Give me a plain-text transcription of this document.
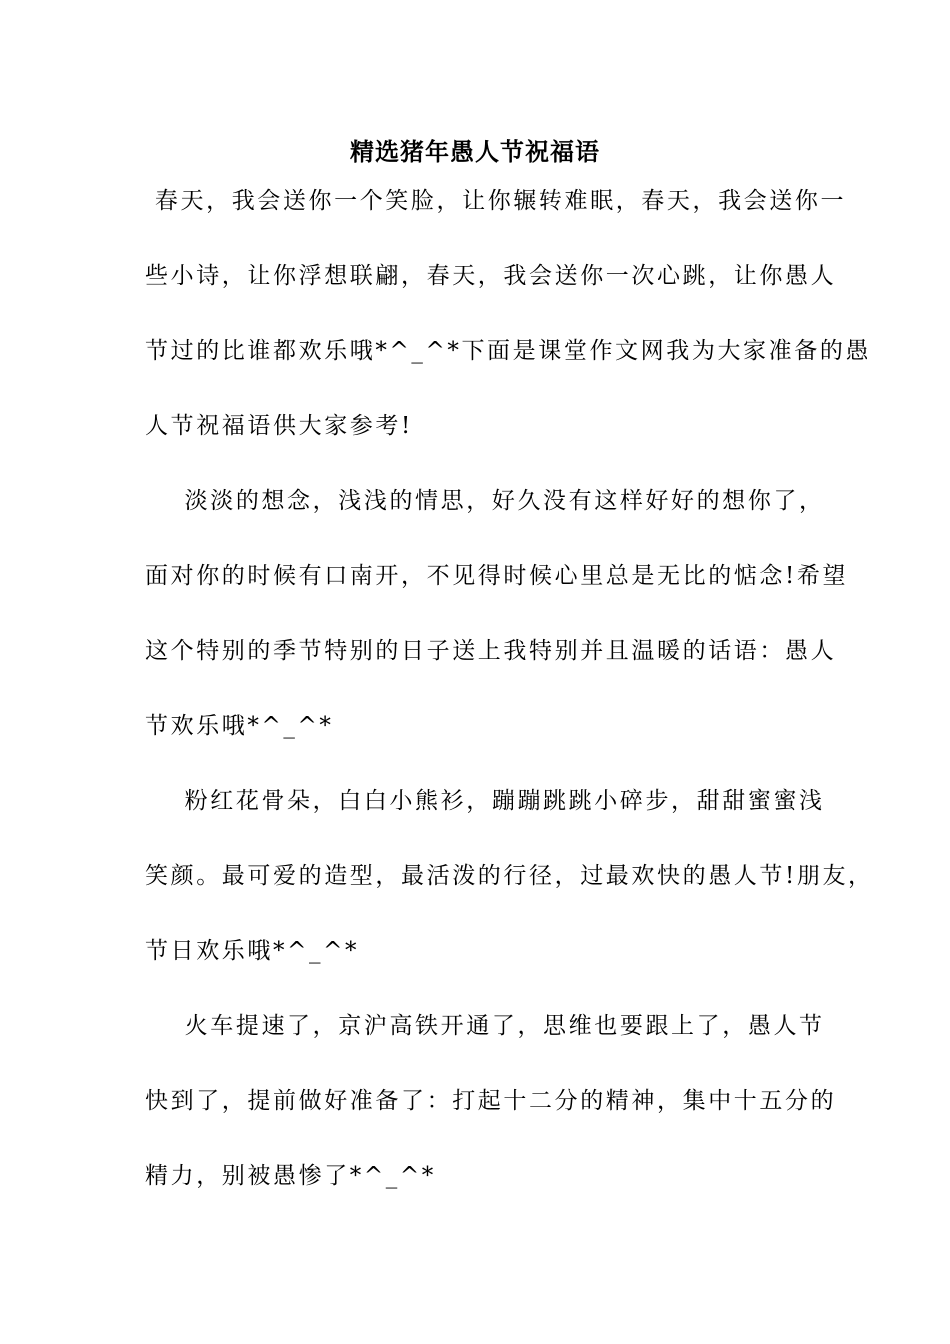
精选猪年愚人节祝福语
春天，我会送你一个笑脸，让你辗转难眠，春天，我会送你一
些小诗，让你浮想联翩，春天，我会送你一次心跳，让你愚人
节过的比谁都欢乐哦*^_^*下面是课堂作文网我为大家准备的愚
人节祝福语供大家参考!
淡淡的想念，浅浅的情思，好久没有这样好好的想你了，
面对你的时候有口南开，不见得时候心里总是无比的惦念!希望
这个特别的季节特别的日子送上我特别并且温暖的话语：愚人
节欢乐哦*^_^*
粉红花骨朵，白白小熊衫，蹦蹦跳跳小碎步，甜甜蜜蜜浅
笑颜。最可爱的造型，最活泼的行径，过最欢快的愚人节!朋友，
节日欢乐哦*^_^*
火车提速了，京沪高铁开通了，思维也要跟上了，愚人节
快到了，提前做好准备了：打起十二分的精神，集中十五分的
精力，别被愚惨了*^_^*
